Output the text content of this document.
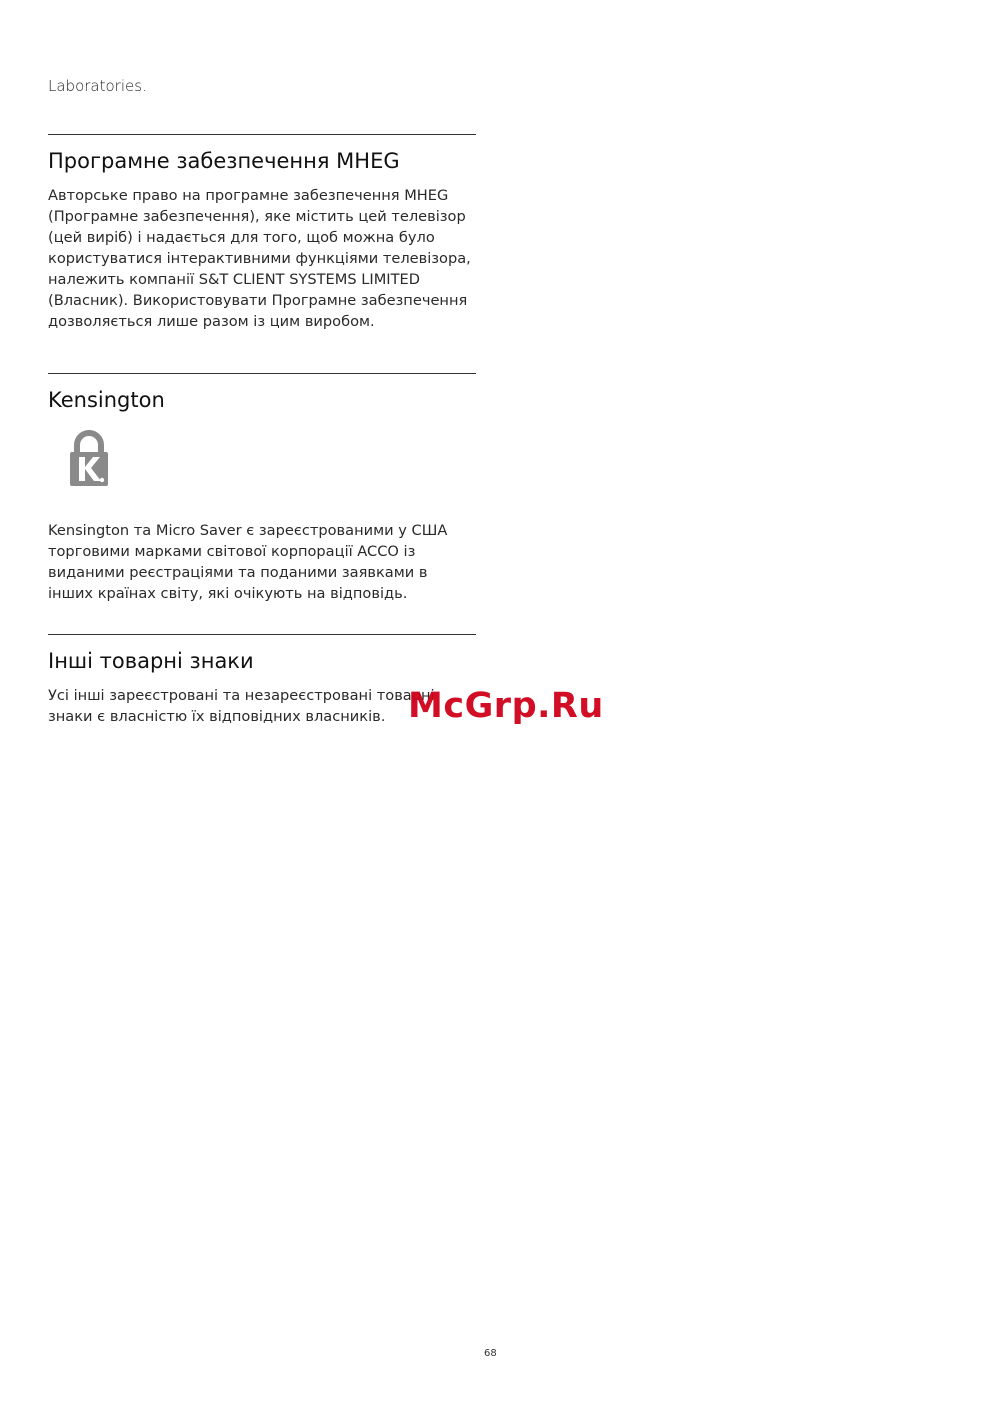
Laboratories.

Програмне забезпечення MHEG

Авторське право на програмне забезпечення MHEG (Програмне забезпечення), яке містить цей телевізор (цей виріб) і надається для того, щоб можна було користуватися інтерактивними функціями телевізора, належить компанії S&T CLIENT SYSTEMS LIMITED (Власник). Використовувати Програмне забезпечення дозволяється лише разом із цим виробом.

Kensington

Kensington та Micro Saver є зареєстрованими у США торговими марками світової корпорації ACCO із виданими реєстраціями та поданими заявками в інших країнах світу, які очікують на відповідь.

Інші товарні знаки

Усі інші зареєстровані та незареєстровані товарні знаки є власністю їх відповідних власників. McGrp.Ru
68
